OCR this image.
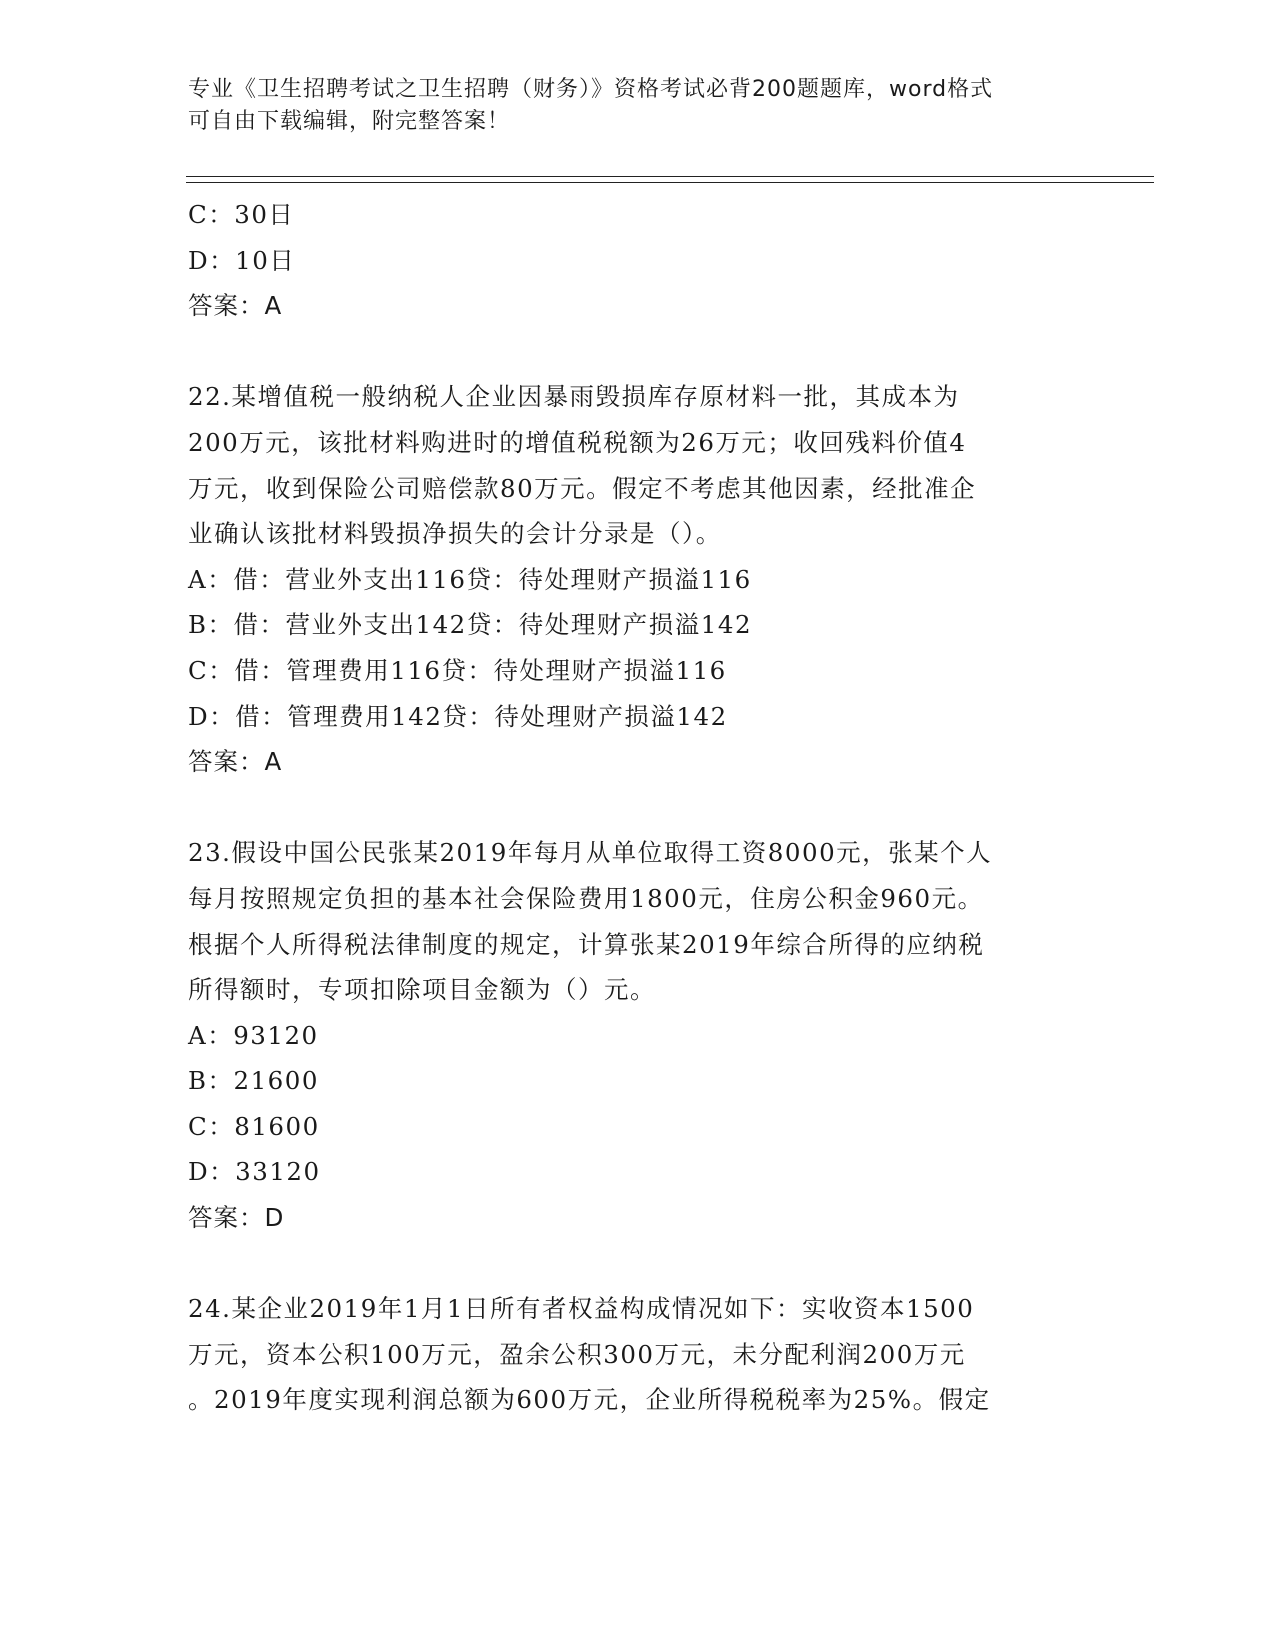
专业《卫生招聘考试之卫生招聘（财务）》资格考试必背200题题库，word格式
可自由下载编辑，附完整答案！
C：30日
D：10日
答案：A
22.某增值税一般纳税人企业因暴雨毁损库存原材料一批，其成本为
200万元，该批材料购进时的增值税税额为26万元；收回残料价值4
万元，收到保险公司赔偿款80万元。假定不考虑其他因素，经批准企
业确认该批材料毁损净损失的会计分录是（）。
A：借：营业外支出116贷：待处理财产损溢116
B：借：营业外支出142贷：待处理财产损溢142
C：借：管理费用116贷：待处理财产损溢116
D：借：管理费用142贷：待处理财产损溢142
答案：A
23.假设中国公民张某2019年每月从单位取得工资8000元，张某个人
每月按照规定负担的基本社会保险费用1800元，住房公积金960元。
根据个人所得税法律制度的规定，计算张某2019年综合所得的应纳税
所得额时，专项扣除项目金额为（）元。
A：93120
B：21600
C：81600
D：33120
答案：D
24.某企业2019年1月1日所有者权益构成情况如下：实收资本1500
万元，资本公积100万元，盈余公积300万元，未分配利润200万元
。2019年度实现利润总额为600万元，企业所得税税率为25%。假定
